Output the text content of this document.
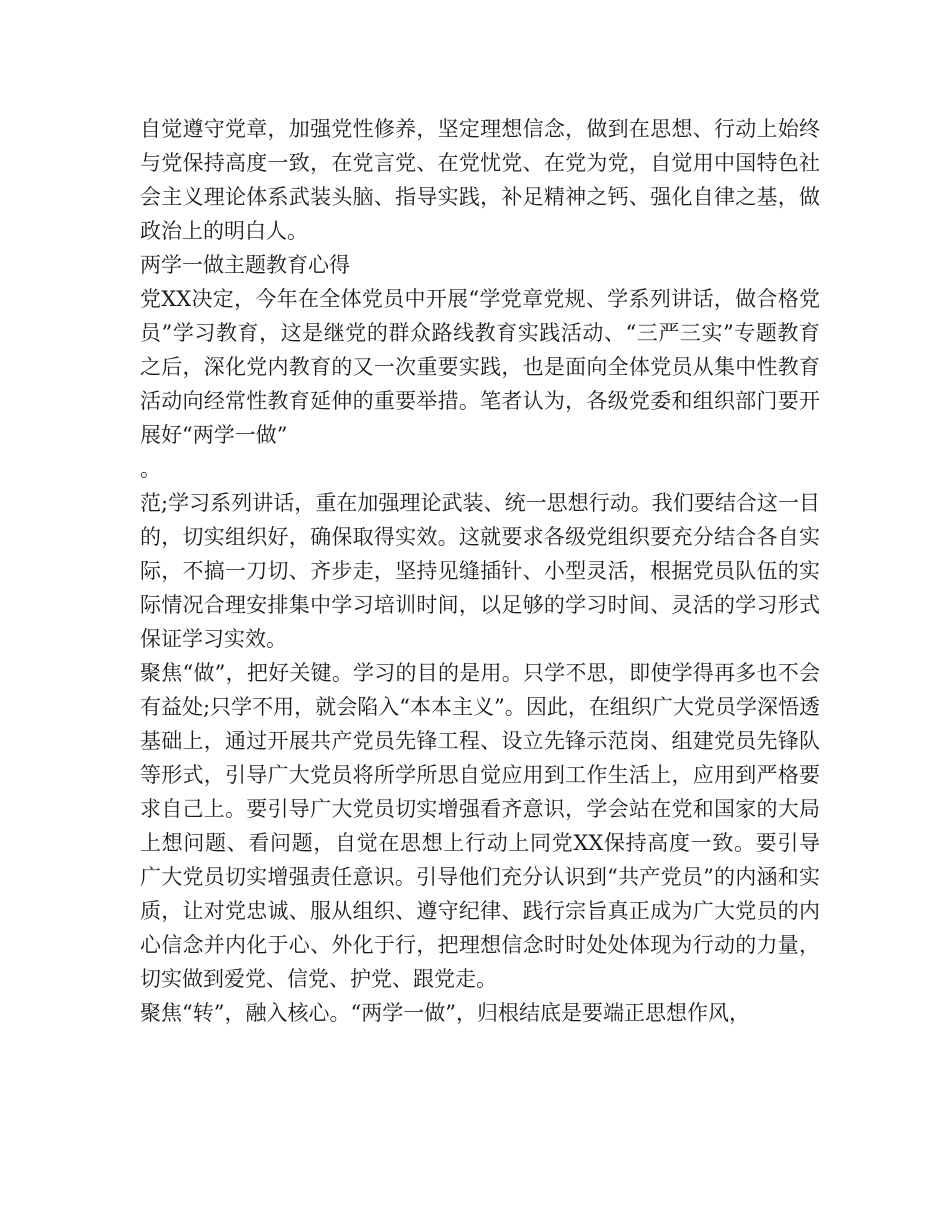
自觉遵守党章，加强党性修养，坚定理想信念，做到在思想、行动上始终与党保持高度一致，在党言党、在党忧党、在党为党，自觉用中国特色社会主义理论体系武装头脑、指导实践，补足精神之钙、强化自律之基，做政治上的明白人。

两学一做主题教育心得

党XX决定，今年在全体党员中开展“学党章党规、学系列讲话，做合格党员”学习教育，这是继党的群众路线教育实践活动、“三严三实”专题教育之后，深化党内教育的又一次重要实践，也是面向全体党员从集中性教育活动向经常性教育延伸的重要举措。笔者认为，各级党委和组织部门要开展好“两学一做”

。

范;学习系列讲话，重在加强理论武装、统一思想行动。我们要结合这一目的，切实组织好，确保取得实效。这就要求各级党组织要充分结合各自实际，不搞一刀切、齐步走，坚持见缝插针、小型灵活，根据党员队伍的实际情况合理安排集中学习培训时间，以足够的学习时间、灵活的学习形式保证学习实效。

聚焦“做”，把好关键。学习的目的是用。只学不思，即使学得再多也不会有益处;只学不用，就会陷入“本本主义”。因此，在组织广大党员学深悟透基础上，通过开展共产党员先锋工程、设立先锋示范岗、组建党员先锋队等形式，引导广大党员将所学所思自觉应用到工作生活上，应用到严格要求自己上。要引导广大党员切实增强看齐意识，学会站在党和国家的大局上想问题、看问题，自觉在思想上行动上同党XX保持高度一致。要引导广大党员切实增强责任意识。引导他们充分认识到“共产党员”的内涵和实质，让对党忠诚、服从组织、遵守纪律、践行宗旨真正成为广大党员的内心信念并内化于心、外化于行，把理想信念时时处处体现为行动的力量，切实做到爱党、信党、护党、跟党走。

聚焦“转”，融入核心。“两学一做”，归根结底是要端正思想作风，
